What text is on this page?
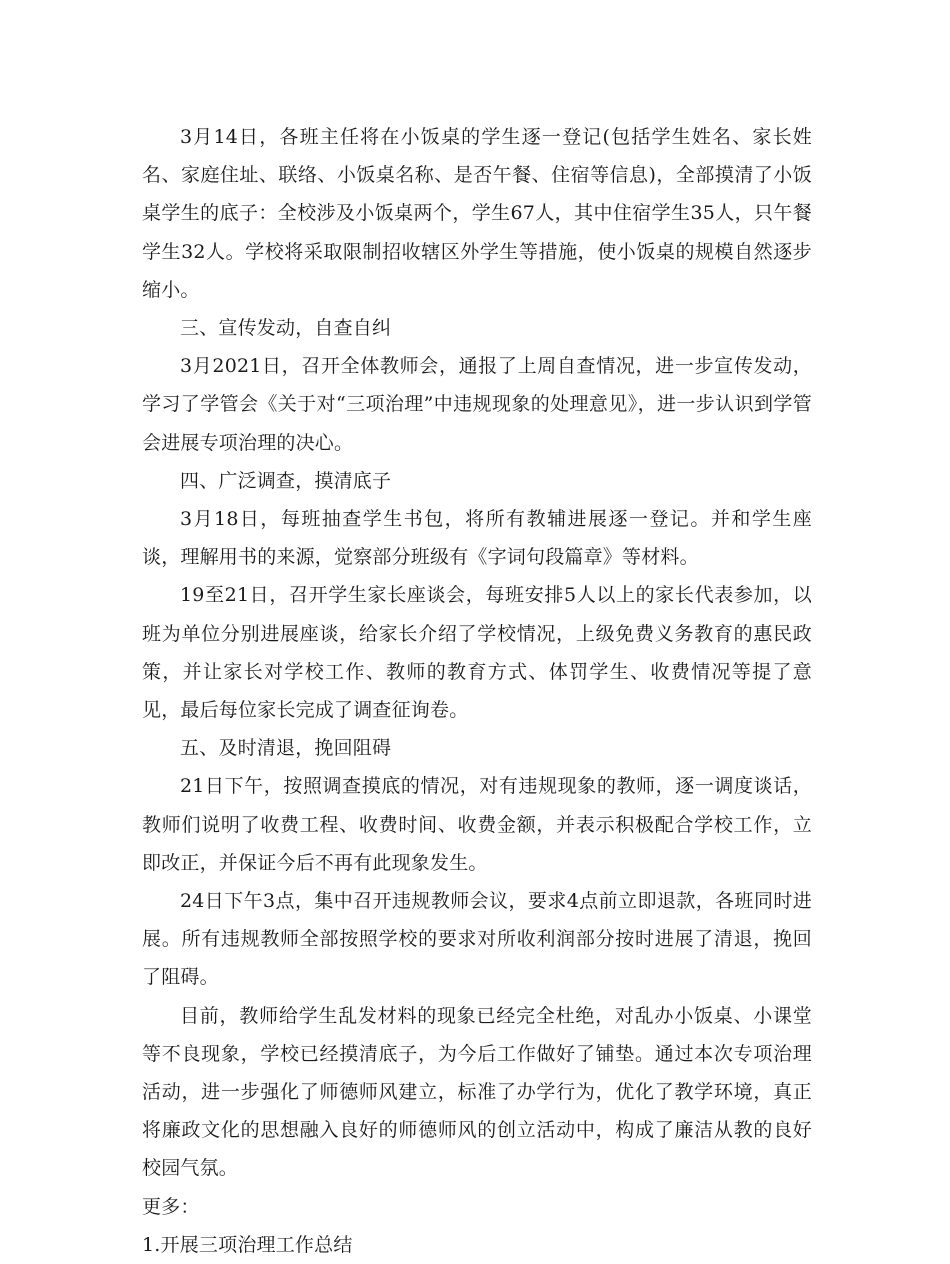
3月14日，各班主任将在小饭桌的学生逐一登记(包括学生姓名、家长姓名、家庭住址、联络、小饭桌名称、是否午餐、住宿等信息)，全部摸清了小饭桌学生的底子：全校涉及小饭桌两个，学生67人，其中住宿学生35人，只午餐学生32人。学校将采取限制招收辖区外学生等措施，使小饭桌的规模自然逐步缩小。

三、宣传发动，自查自纠

3月2021日，召开全体教师会，通报了上周自查情况，进一步宣传发动，学习了学管会《关于对“三项治理”中违规现象的处理意见》，进一步认识到学管会进展专项治理的决心。

四、广泛调查，摸清底子

3月18日，每班抽查学生书包，将所有教辅进展逐一登记。并和学生座谈，理解用书的来源，觉察部分班级有《字词句段篇章》等材料。

19至21日，召开学生家长座谈会，每班安排5人以上的家长代表参加，以班为单位分别进展座谈，给家长介绍了学校情况，上级免费义务教育的惠民政策，并让家长对学校工作、教师的教育方式、体罚学生、收费情况等提了意见，最后每位家长完成了调查征询卷。

五、及时清退，挽回阻碍

21日下午，按照调查摸底的情况，对有违规现象的教师，逐一调度谈话，教师们说明了收费工程、收费时间、收费金额，并表示积极配合学校工作，立即改正，并保证今后不再有此现象发生。

24日下午3点，集中召开违规教师会议，要求4点前立即退款，各班同时进展。所有违规教师全部按照学校的要求对所收利润部分按时进展了清退，挽回了阻碍。

目前，教师给学生乱发材料的现象已经完全杜绝，对乱办小饭桌、小课堂等不良现象，学校已经摸清底子，为今后工作做好了铺垫。通过本次专项治理活动，进一步强化了师德师风建立，标准了办学行为，优化了教学环境，真正将廉政文化的思想融入良好的师德师风的创立活动中，构成了廉洁从教的良好校园气氛。

更多：

1.开展三项治理工作总结
